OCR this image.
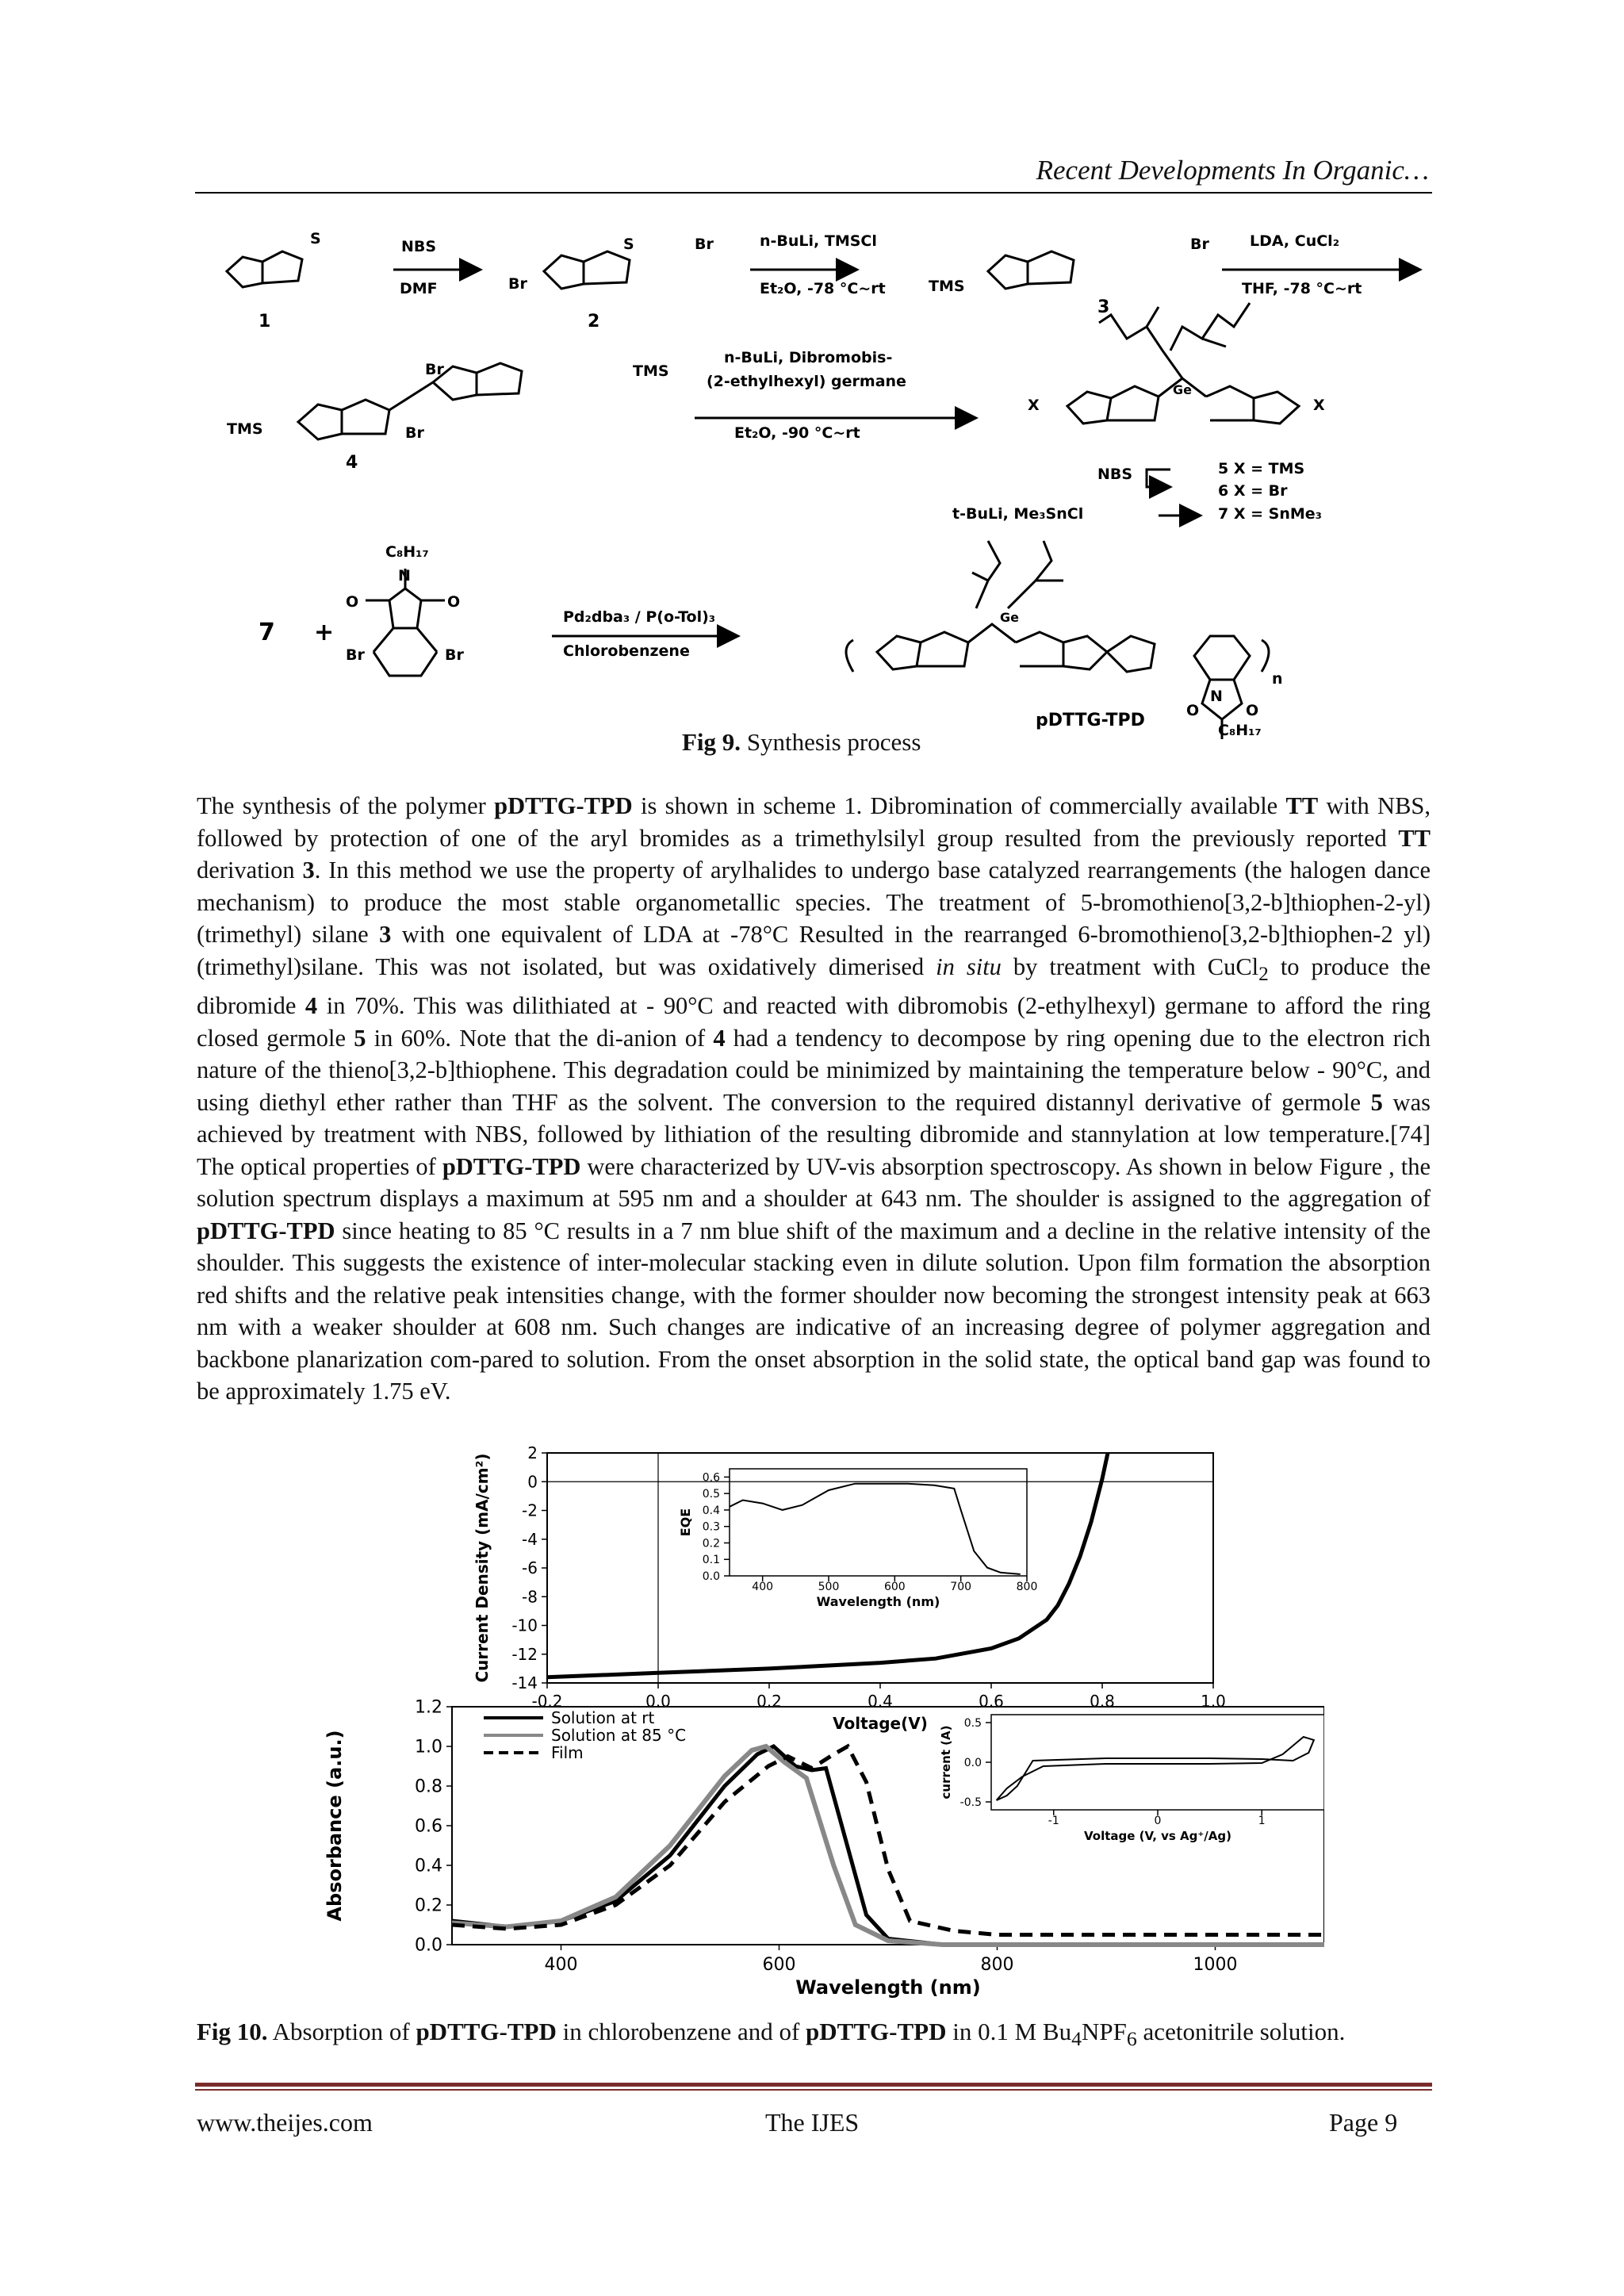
Recent Developments In Organic…
NBS
DMF
n-BuLi, TMSCl
Et₂O, -78 °C~rt
LDA, CuCl₂
THF, -78 °C~rt
Br
S	Br
TMS
Br
S
1	2
3
Br	TMS
TMS	Br
4
n-BuLi, Dibromobis-
(2-ethylhexyl) germane
Et₂O, -90 °C~rt
X	X
Ge
NBS
t-BuLi, Me₃SnCl
5 X = TMS
6 X = Br
7 X = SnMe₃
7 +
C₈H₁₇
N
O	O
Br	Br
Pd₂dba₃ / P(o-Tol)₃
Chlorobenzene
Ge
n
O	O
N
C₈H₁₇
pDTTG-TPD
Fig 9. Synthesis process

The synthesis of the polymer pDTTG-TPD is shown in scheme 1. Dibromination of commercially available TT with NBS, followed by protection of one of the aryl bromides as a trimethylsilyl group resulted from the previously reported TT derivation 3. In this method we use the property of arylhalides to undergo base catalyzed rearrangements (the halogen dance mechanism) to produce the most stable organometallic species. The treatment of 5-bromothieno[3,2-b]thiophen-2-yl) (trimethyl) silane 3 with one equivalent of LDA at -78°C Resulted in the rearranged 6-bromothieno[3,2-b]thiophen-2 yl) (trimethyl)silane. This was not isolated, but was oxidatively dimerised in situ by treatment with CuCl$_2$ to produce the dibromide 4 in 70%. This was dilithiated at - 90°C and reacted with dibromobis (2-ethylhexyl) germane to afford the ring closed germole 5 in 60%. Note that the di-anion of 4 had a tendency to decompose by ring opening due to the electron rich nature of the thieno[3,2-b]thiophene. This degradation could be minimized by maintaining the temperature below - 90°C, and using diethyl ether rather than THF as the solvent. The conversion to the required distannyl derivative of germole 5 was achieved by treatment with NBS, followed by lithiation of the resulting dibromide and stannylation at low temperature.[74] The optical properties of pDTTG-TPD were characterized by UV-vis absorption spectroscopy. As shown in below Figure , the solution spectrum displays a maximum at 595 nm and a shoulder at 643 nm. The shoulder is assigned to the aggregation of pDTTG-TPD since heating to 85 °C results in a 7 nm blue shift of the maximum and a decline in the relative intensity of the shoulder. This suggests the existence of inter-molecular stacking even in dilute solution. Upon film formation the absorption red shifts and the relative peak intensities change, with the former shoulder now becoming the strongest intensity peak at 663 nm with a weaker shoulder at 608 nm. Such changes are indicative of an increasing degree of polymer aggregation and backbone planarization com-pared to solution. From the onset absorption in the solid state, the optical band gap was found to be approximately 1.75 eV.

-0.2	0.0	0.2	0.4	0.6	0.8	1.0
2
0
-2
-4
-6
-8
-10
-12
-14
Voltage(V)
Current Density (mA/cm²)	400	500	600	700	800
0.6
0.5
0.4
0.3
0.2
0.1
0.0
Wavelength (nm)
EQE
400	600	800	1000
1.2
1.0
0.8
0.6
0.4
0.2
0.0
Wavelength (nm)
Absorbance (a.u.)
Solution at rt
Solution at 85 °C
Film
-1	0	1
0.5
0.0
-0.5
Voltage (V, vs Ag⁺/Ag)
current (A)
Fig 10. Absorption of pDTTG-TPD in chlorobenzene and of pDTTG-TPD in 0.1 M $Bu_4NPF_6$ acetonitrile solution.
www.theijes.com	The IJES	Page 9
